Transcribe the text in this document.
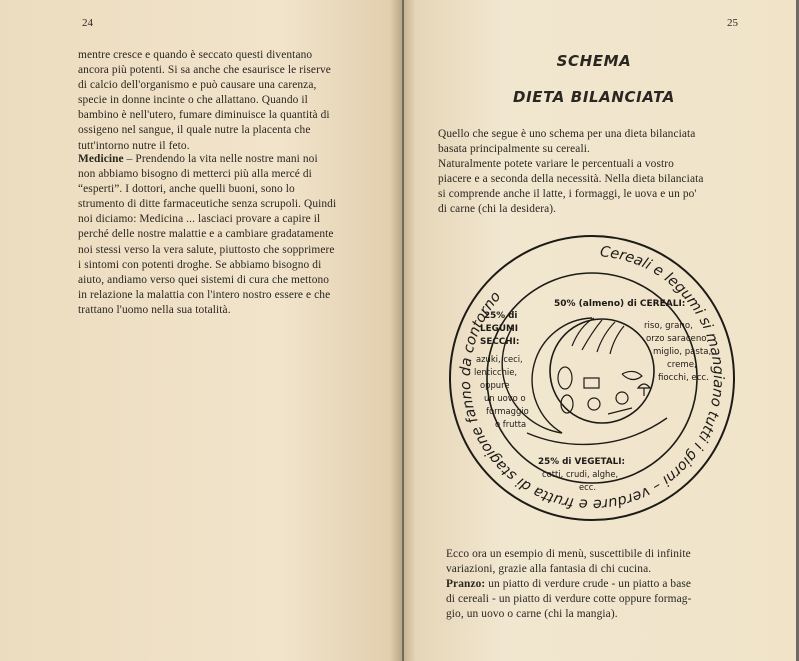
24
mentre cresce e quando è seccato questi diventano
ancora più potenti. Si sa anche che esaurisce le riserve
di calcio dell'organismo e può causare una carenza,
specie in donne incinte o che allattano. Quando il
bambino è nell'utero, fumare diminuisce la quantità di
ossigeno nel sangue, il quale nutre la placenta che
tutt'intorno nutre il feto.
Medicine – Prendendo la vita nelle nostre mani noi
non abbiamo bisogno di metterci più alla mercé di
“esperti”. I dottori, anche quelli buoni, sono lo
strumento di ditte farmaceutiche senza scrupoli. Quindi
noi diciamo: Medicina ... lasciaci provare a capire il
perché delle nostre malattie e a cambiare gradatamente
noi stessi verso la vera salute, piuttosto che sopprimere
i sintomi con potenti droghe. Se abbiamo bisogno di
aiuto, andiamo verso quei sistemi di cura che mettono
in relazione la malattia con l'intero nostro essere e che
trattano l'uomo nella sua totalità.
25
SCHEMA
DIETA BILANCIATA
Quello che segue è uno schema per una dieta bilanciata
basata principalmente su cereali.
Naturalmente potete variare le percentuali a vostro
piacere e a seconda della necessità. Nella dieta bilanciata
si comprende anche il latte, i formaggi, le uova e un po'
di carne (chi la desidera).
Cereali e legumi si mangiano tutti i giorni – verdure e frutta di stagione fanno da contorno	50% (almeno) di CEREALI:
riso, grano,
orzo saraceno,
miglio, pasta,
creme,
fiocchi, ecc.
25% di
LEGUMI
SECCHI:
azuki, ceci,
lenticchie,
oppure
un uovo o
formaggio
o frutta
25% di VEGETALI:
cotti, crudi, alghe,
ecc.
Ecco ora un esempio di menù, suscettibile di infinite
variazioni, grazie alla fantasia di chi cucina.
Pranzo: un piatto di verdure crude - un piatto a base
di cereali - un piatto di verdure cotte oppure formag-
gio, un uovo o carne (chi la mangia).
